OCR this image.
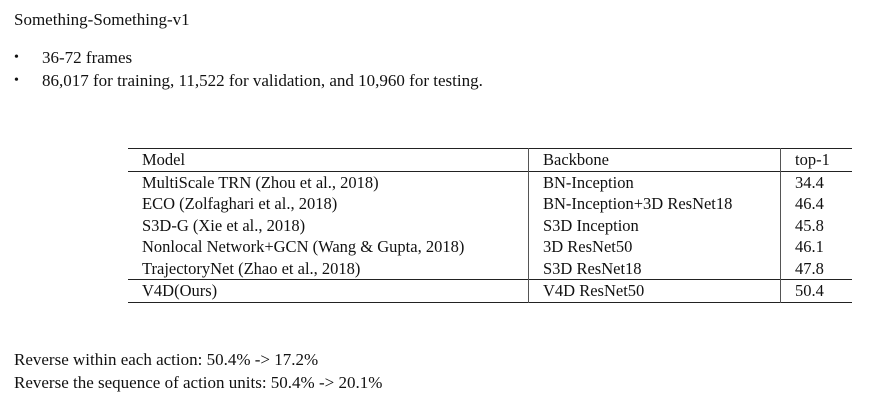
Something-Something-v1
•	36-72 frames
•	86,017 for training, 11,522 for validation, and 10,960 for testing.
Model	Backbone	top-1
MultiScale TRN (Zhou et al., 2018)	BN-Inception	34.4
ECO (Zolfaghari et al., 2018)	BN-Inception+3D ResNet18	46.4
S3D-G (Xie et al., 2018)	S3D Inception	45.8
Nonlocal Network+GCN (Wang & Gupta, 2018)	3D ResNet50	46.1
TrajectoryNet (Zhao et al., 2018)	S3D ResNet18	47.8
V4D(Ours)	V4D ResNet50	50.4
Reverse within each action: 50.4% -> 17.2%
Reverse the sequence of action units: 50.4% -> 20.1%
